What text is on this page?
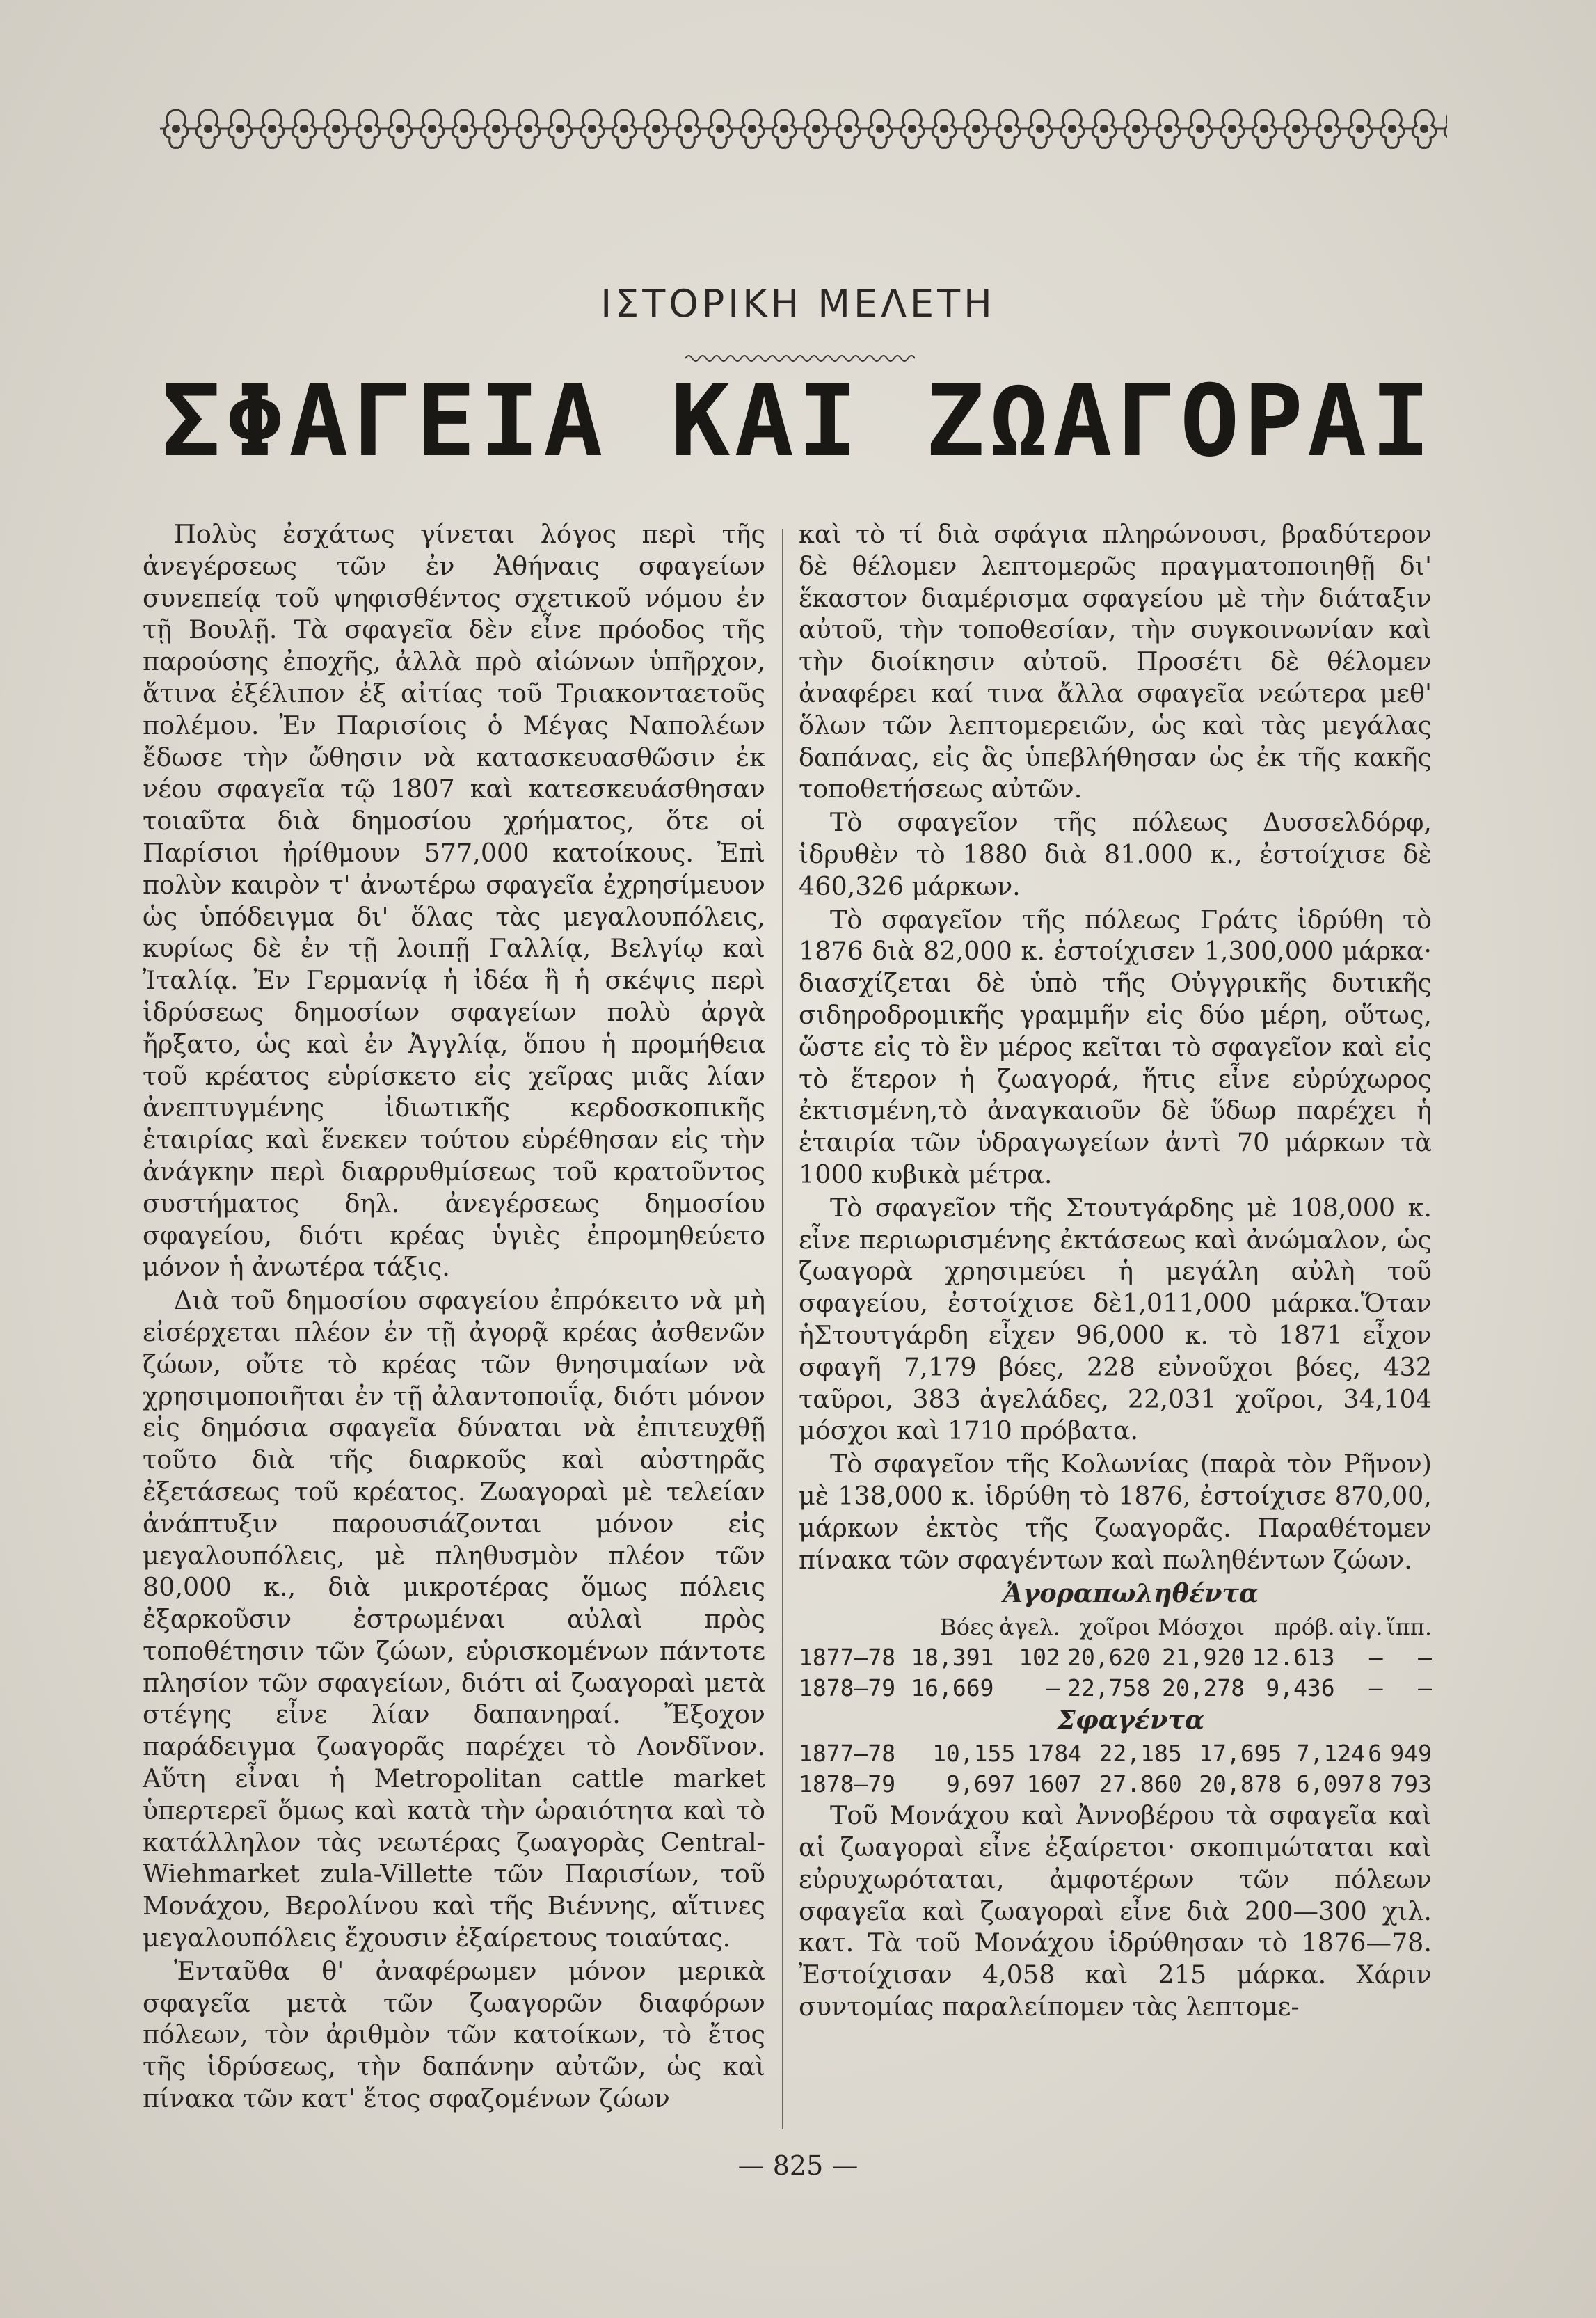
ΙΣΤΟΡΙΚΗ ΜΕΛΕΤΗ
ΣΦΑΓΕΙΑ ΚΑΙ ΖΩΑΓΟΡΑΙ

Πολὺς ἐσχάτως γίνεται λόγος περὶ τῆς ἀνεγέρσεως τῶν ἐν Ἀθήναις σφαγείων συνεπείᾳ τοῦ ψηφισθέντος σχετικοῦ νόμου ἐν τῇ Βουλῇ. Τὰ σφαγεῖα δὲν εἶνε πρόοδος τῆς παρούσης ἐποχῆς, ἀλλὰ πρὸ αἰώνων ὑπῆρχον, ἅτινα ἐξέλιπον ἐξ αἰτίας τοῦ Τριακονταετοῦς πολέμου. Ἐν Παρισίοις ὁ Μέγας Ναπολέων ἔδωσε τὴν ὤθησιν νὰ κατασκευασθῶσιν ἐκ νέου σφαγεῖα τῷ 1807 καὶ κατεσκευάσθησαν τοιαῦτα διὰ δημοσίου χρήματος, ὅτε οἱ Παρίσιοι ἠρίθμουν 577,000 κατοίκους. Ἐπὶ πολὺν καιρὸν τ' ἀνωτέρω σφαγεῖα ἐχρησίμευον ὡς ὑπόδειγμα δι' ὅλας τὰς μεγαλουπόλεις, κυρίως δὲ ἐν τῇ λοιπῇ Γαλλίᾳ, Βελγίῳ καὶ Ἰταλίᾳ. Ἐν Γερμανίᾳ ἡ ἰδέα ἢ ἡ σκέψις περὶ ἱδρύσεως δημοσίων σφαγείων πολὺ ἀργὰ ἤρξατο, ὡς καὶ ἐν Ἀγγλίᾳ, ὅπου ἡ προμήθεια τοῦ κρέατος εὑρίσκετο εἰς χεῖρας μιᾶς λίαν ἀνεπτυγμένης ἰδιωτικῆς κερδοσκοπικῆς ἑταιρίας καὶ ἕνεκεν τούτου εὑρέθησαν εἰς τὴν ἀνάγκην περὶ διαρρυθμίσεως τοῦ κρατοῦντος συστήματος δηλ. ἀνεγέρσεως δημοσίου σφαγείου, διότι κρέας ὑγιὲς ἐπρομηθεύετο μόνον ἡ ἀνωτέρα τάξις.

Διὰ τοῦ δημοσίου σφαγείου ἐπρόκειτο νὰ μὴ εἰσέρχεται πλέον ἐν τῇ ἀγορᾷ κρέας ἀσθενῶν ζώων, οὔτε τὸ κρέας τῶν θνησιμαίων νὰ χρησιμοποιῆται ἐν τῇ ἀλαντοποιΐᾳ, διότι μόνον εἰς δημόσια σφαγεῖα δύναται νὰ ἐπιτευχθῇ τοῦτο διὰ τῆς διαρκοῦς καὶ αὐστηρᾶς ἐξετάσεως τοῦ κρέατος. Ζωαγοραὶ μὲ τελείαν ἀνάπτυξιν παρουσιάζονται μόνον εἰς μεγαλουπόλεις, μὲ πληθυσμὸν πλέον τῶν 80,000 κ., διὰ μικροτέρας ὅμως πόλεις ἐξαρκοῦσιν ἐστρωμέναι αὐλαὶ πρὸς τοποθέτησιν τῶν ζώων, εὑρισκομένων πάντοτε πλησίον τῶν σφαγείων, διότι αἱ ζωαγοραὶ μετὰ στέγης εἶνε λίαν δαπανηραί. Ἔξοχον παράδειγμα ζωαγορᾶς παρέχει τὸ Λονδῖνον. Αὕτη εἶναι ἡ Metropolitan cattle market ὑπερτερεῖ ὅμως καὶ κατὰ τὴν ὡραιότητα καὶ τὸ κατάλληλον τὰς νεωτέρας ζωαγορὰς Central-Wiehmarket zula-Villette τῶν Παρισίων, τοῦ Μονάχου, Βερολίνου καὶ τῆς Βιέννης, αἵτινες μεγαλουπόλεις ἔχουσιν ἐξαίρετους τοιαύτας.

Ἐνταῦθα θ' ἀναφέρωμεν μόνον μερικὰ σφαγεῖα μετὰ τῶν ζωαγορῶν διαφόρων πόλεων, τὸν ἀριθμὸν τῶν κατοίκων, τὸ ἔτος τῆς ἱδρύσεως, τὴν δαπάνην αὐτῶν, ὡς καὶ πίνακα τῶν κατ' ἔτος σφαζομένων ζώων

καὶ τὸ τί διὰ σφάγια πληρώνουσι, βραδύτερον δὲ θέλομεν λεπτομερῶς πραγματοποιηθῇ δι' ἕκαστον διαμέρισμα σφαγείου μὲ τὴν διάταξιν αὐτοῦ, τὴν τοποθεσίαν, τὴν συγκοινωνίαν καὶ τὴν διοίκησιν αὐτοῦ. Προσέτι δὲ θέλομεν ἀναφέρει καί τινα ἄλλα σφαγεῖα νεώτερα μεθ' ὅλων τῶν λεπτομερειῶν, ὡς καὶ τὰς μεγάλας δαπάνας, εἰς ἃς ὑπεβλήθησαν ὡς ἐκ τῆς κακῆς τοποθετήσεως αὐτῶν.

Τὸ σφαγεῖον τῆς πόλεως Δυσσελδόρφ, ἱδρυθὲν τὸ 1880 διὰ 81.000 κ., ἐστοίχισε δὲ 460,326 μάρκων.

Τὸ σφαγεῖον τῆς πόλεως Γράτς ἱδρύθη τὸ 1876 διὰ 82,000 κ. ἐστοίχισεν 1,300,000 μάρκα· διασχίζεται δὲ ὑπὸ τῆς Οὐγγρικῆς δυτικῆς σιδηροδρομικῆς γραμμῆν εἰς δύο μέρη, οὕτως, ὥστε εἰς τὸ ἓν μέρος κεῖται τὸ σφαγεῖον καὶ εἰς τὸ ἕτερον ἡ ζωαγορά, ἥτις εἶνε εὐρύχωρος ἐκτισμένη,τὸ ἀναγκαιοῦν δὲ ὕδωρ παρέχει ἡ ἑταιρία τῶν ὑδραγωγείων ἀντὶ 70 μάρκων τὰ 1000 κυβικὰ μέτρα.

Τὸ σφαγεῖον τῆς Στουτγάρδης μὲ 108,000 κ. εἶνε περιωρισμένης ἐκτάσεως καὶ ἀνώμαλον, ὡς ζωαγορὰ χρησιμεύει ἡ μεγάλη αὐλὴ τοῦ σφαγείου, ἐστοίχισε δὲ1,011,000 μάρκα.Ὅταν ἡΣτουτγάρδη εἶχεν 96,000 κ. τὸ 1871 εἶχον σφαγῆ 7,179 βόες, 228 εὐνοῦχοι βόες, 432 ταῦροι, 383 ἀγελάδες, 22,031 χοῖροι, 34,104 μόσχοι καὶ 1710 πρόβατα.

Τὸ σφαγεῖον τῆς Κολωνίας (παρὰ τὸν Ρῆνον) μὲ 138,000 κ. ἱδρύθη τὸ 1876, ἐστοίχισε 870,00, μάρκων ἐκτὸς τῆς ζωαγορᾶς. Παραθέτομεν πίνακα τῶν σφαγέντων καὶ πωληθέντων ζώων.

Ἀγοραπωληθέντα

	Βόες	ἀγελ.	χοῖροι	Μόσχοι	πρόβ.	αἰγ.	ἵππ.
1877—78	18,391	102	20,620	21,920	12.613	—	—
1878—79	16,669	—	22,758	20,278	9,436	—	—

Σφαγέντα

1877—78	10,155	1784	22,185	17,695	7,124	6	949
1878—79	9,697	1607	27.860	20,878	6,097	8	793

Τοῦ Μονάχου καὶ Ἀννοβέρου τὰ σφαγεῖα καὶ αἱ ζωαγοραὶ εἶνε ἐξαίρετοι· σκοπιμώταται καὶ εὐρυχωρόταται, ἀμφοτέρων τῶν πόλεων σφαγεῖα καὶ ζωαγοραὶ εἶνε διὰ 200—300 χιλ. κατ. Τὰ τοῦ Μονάχου ἱδρύθησαν τὸ 1876—78. Ἐστοίχισαν 4,058 καὶ 215 μάρκα. Χάριν συντομίας παραλείπομεν τὰς λεπτομε-

— 825 —
